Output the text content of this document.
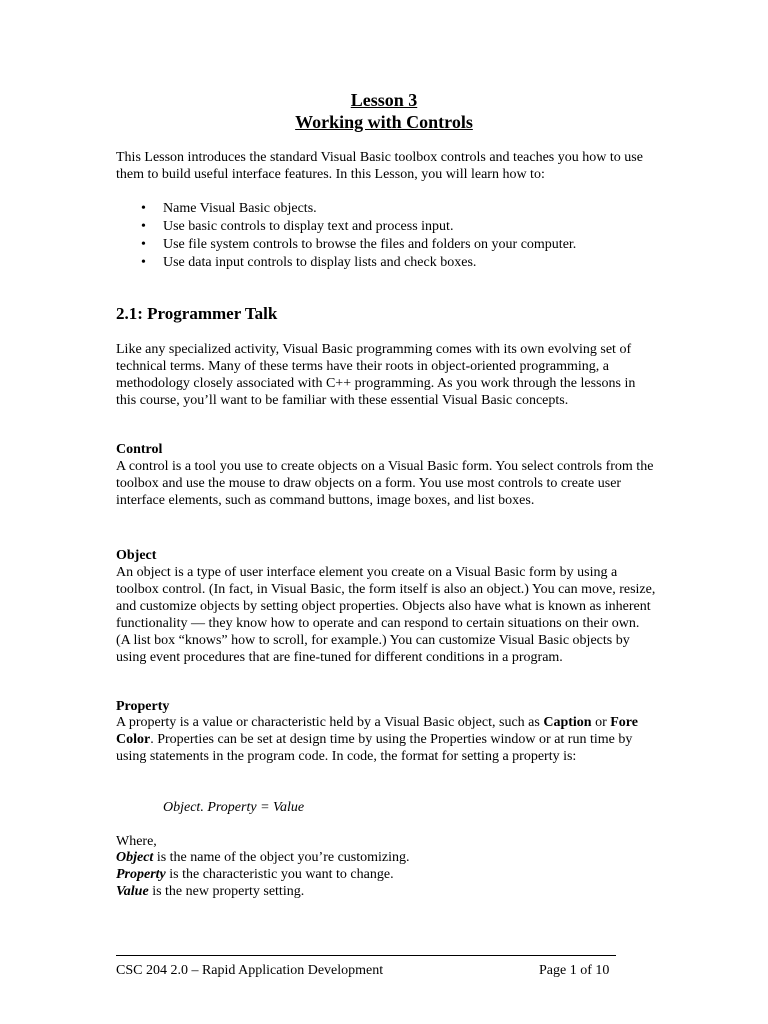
Lesson 3
Working with Controls

This Lesson introduces the standard Visual Basic toolbox controls and teaches you how to use them to build useful interface features. In this Lesson, you will learn how to:

• Name Visual Basic objects.
• Use basic controls to display text and process input.
• Use file system controls to browse the files and folders on your computer.
• Use data input controls to display lists and check boxes.
2.1: Programmer Talk

Like any specialized activity, Visual Basic programming comes with its own evolving set of technical terms. Many of these terms have their roots in object-oriented programming, a methodology closely associated with C++ programming. As you work through the lessons in this course, you’ll want to be familiar with these essential Visual Basic concepts.

Control

A control is a tool you use to create objects on a Visual Basic form. You select controls from the toolbox and use the mouse to draw objects on a form. You use most controls to create user interface elements, such as command buttons, image boxes, and list boxes.

Object

An object is a type of user interface element you create on a Visual Basic form by using a toolbox control. (In fact, in Visual Basic, the form itself is also an object.) You can move, resize, and customize objects by setting object properties. Objects also have what is known as inherent functionality — they know how to operate and can respond to certain situations on their own. (A list box “knows” how to scroll, for example.) You can customize Visual Basic objects by using event procedures that are fine-tuned for different conditions in a program.

Property

A property is a value or characteristic held by a Visual Basic object, such as Caption or Fore Color. Properties can be set at design time by using the Properties window or at run time by using statements in the program code. In code, the format for setting a property is:

Object. Property = Value
Where,
Object is the name of the object you’re customizing.
Property is the characteristic you want to change.
Value is the new property setting.
CSC 204 2.0 – Rapid Application Development	Page 1 of 10
